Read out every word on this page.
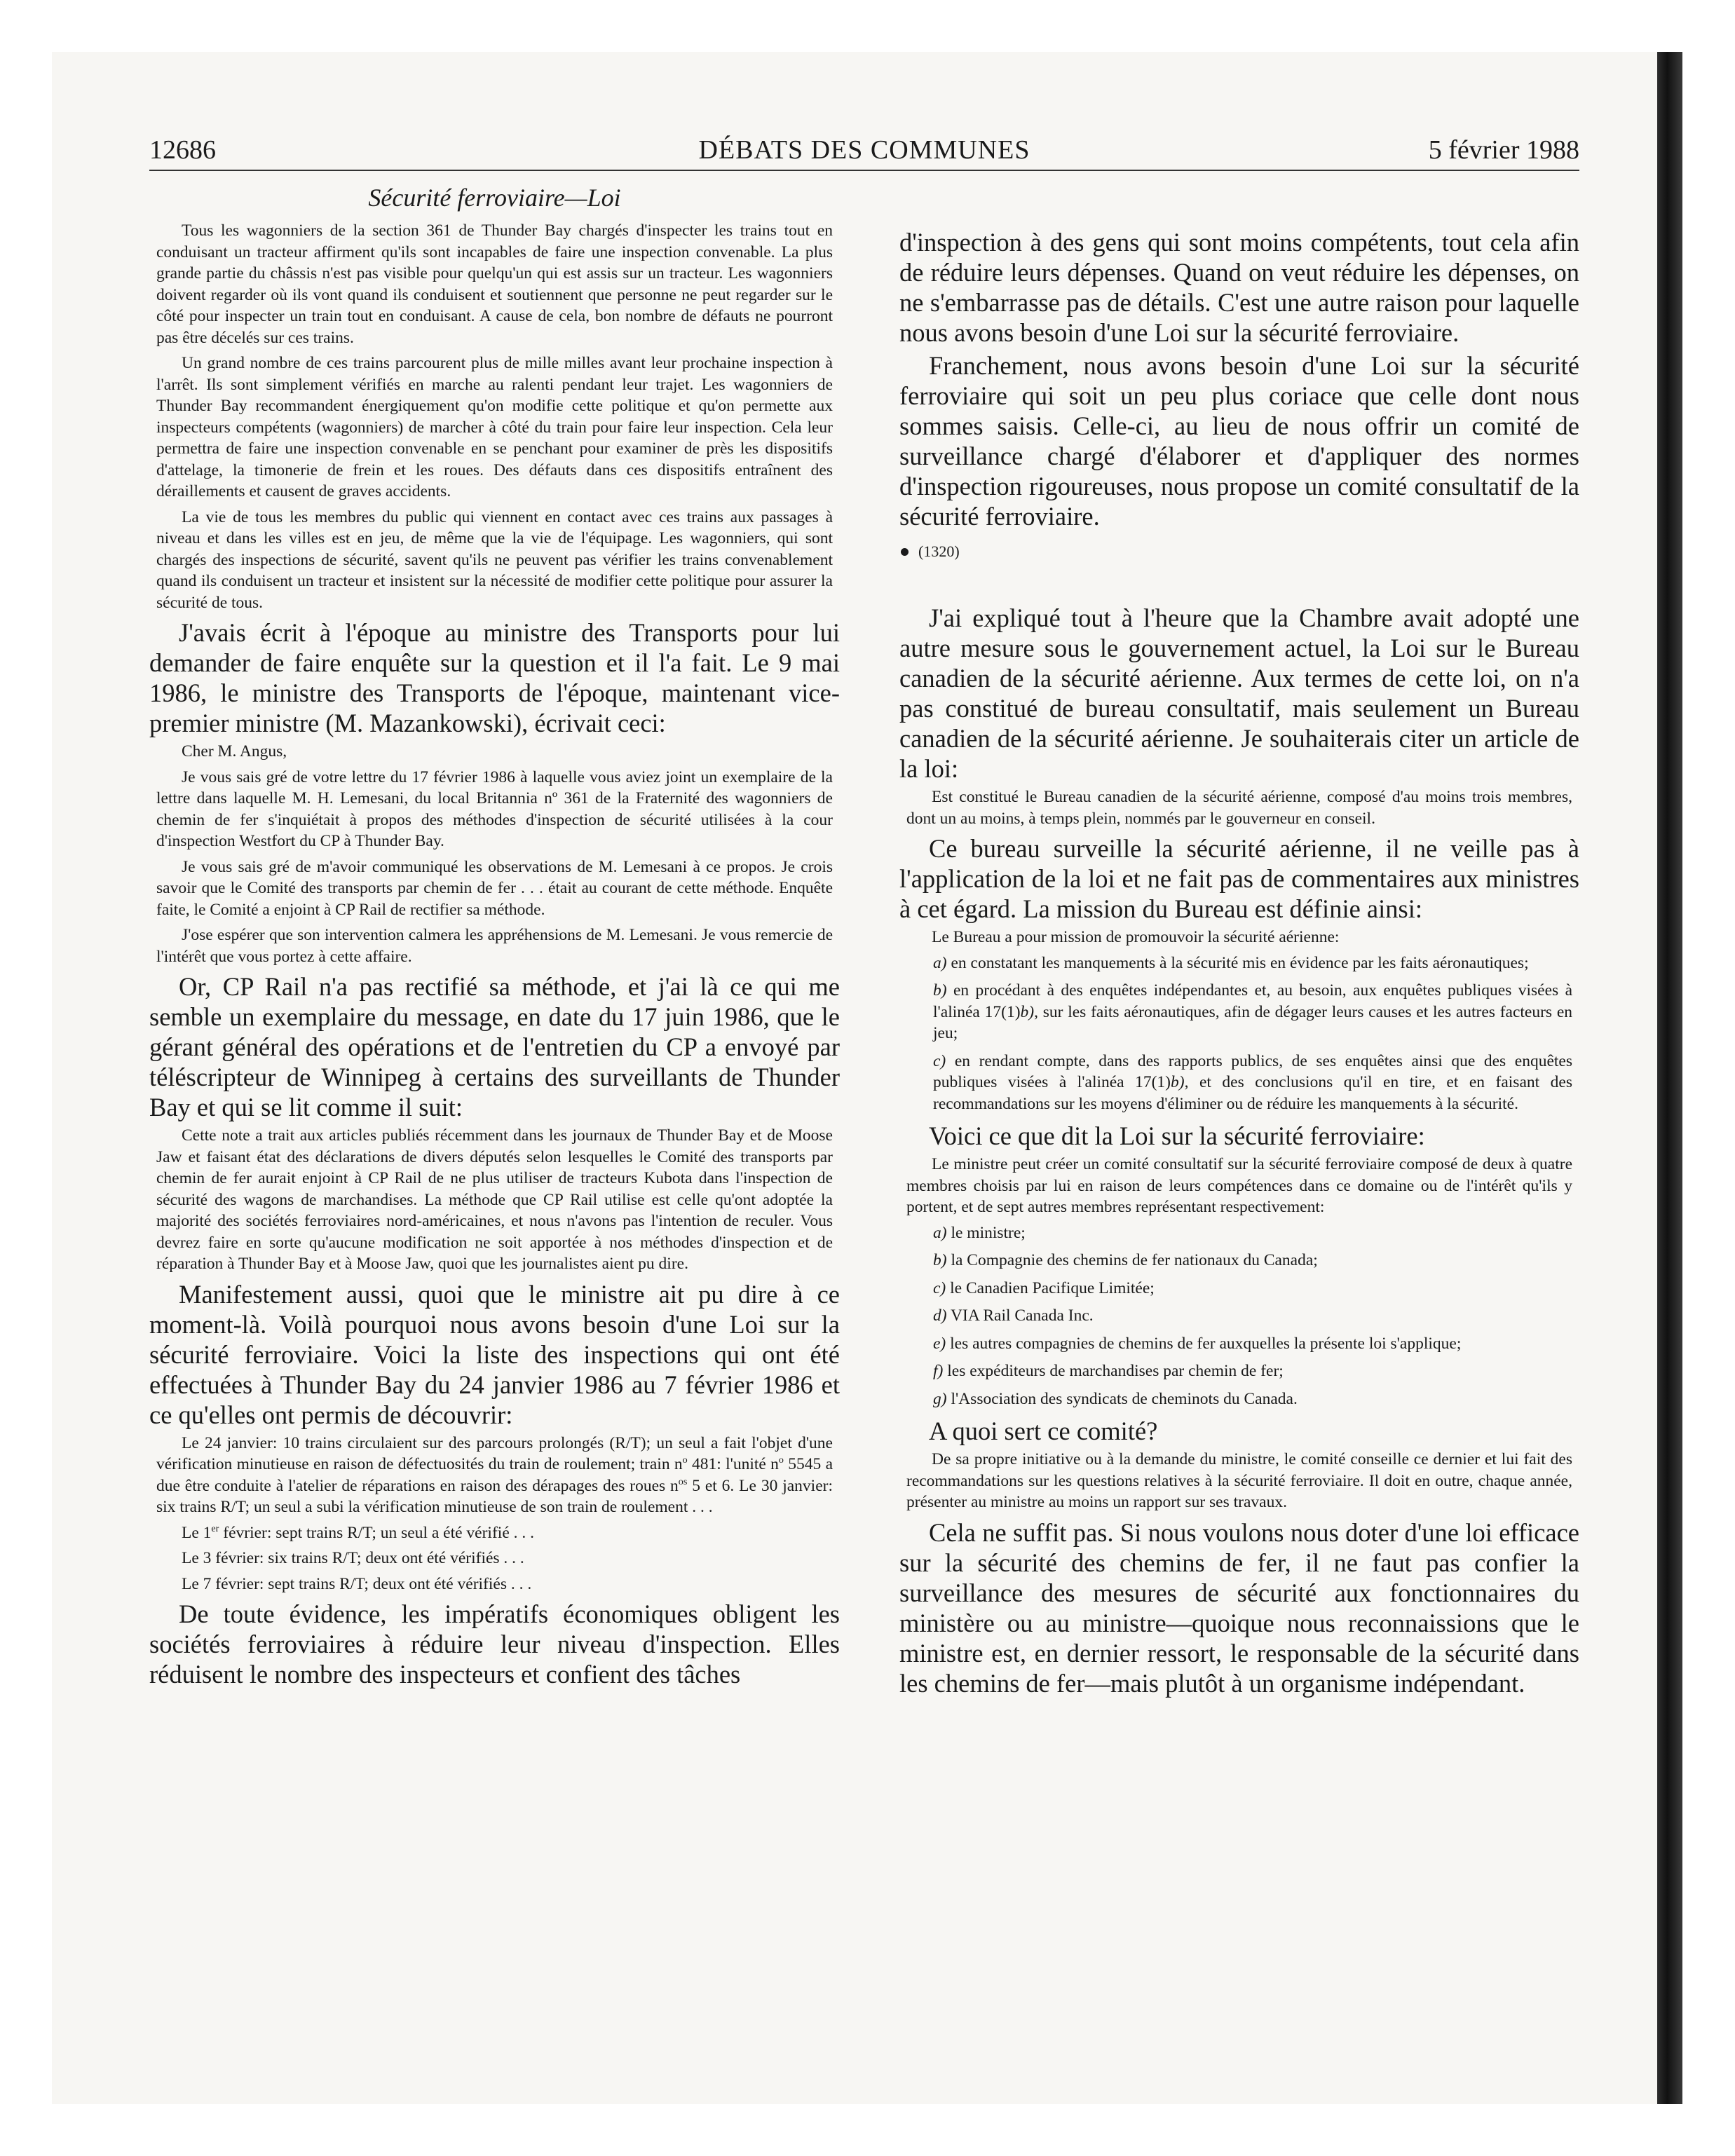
12686	DÉBATS DES COMMUNES	5 février 1988
Sécurité ferroviaire—Loi

Tous les wagonniers de la section 361 de Thunder Bay chargés d'inspecter les trains tout en conduisant un tracteur affirment qu'ils sont incapables de faire une inspection convenable. La plus grande partie du châssis n'est pas visible pour quelqu'un qui est assis sur un tracteur. Les wagonniers doivent regarder où ils vont quand ils conduisent et soutiennent que personne ne peut regarder sur le côté pour inspecter un train tout en conduisant. A cause de cela, bon nombre de défauts ne pourront pas être décelés sur ces trains.

Un grand nombre de ces trains parcourent plus de mille milles avant leur prochaine inspection à l'arrêt. Ils sont simplement vérifiés en marche au ralenti pendant leur trajet. Les wagonniers de Thunder Bay recommandent énergiquement qu'on modifie cette politique et qu'on permette aux inspecteurs compétents (wagonniers) de marcher à côté du train pour faire leur inspection. Cela leur permettra de faire une inspection convenable en se penchant pour examiner de près les dispositifs d'attelage, la timonerie de frein et les roues. Des défauts dans ces dispositifs entraînent des déraillements et causent de graves accidents.

La vie de tous les membres du public qui viennent en contact avec ces trains aux passages à niveau et dans les villes est en jeu, de même que la vie de l'équipage. Les wagonniers, qui sont chargés des inspections de sécurité, savent qu'ils ne peuvent pas vérifier les trains convenablement quand ils conduisent un tracteur et insistent sur la nécessité de modifier cette politique pour assurer la sécurité de tous.

J'avais écrit à l'époque au ministre des Transports pour lui demander de faire enquête sur la question et il l'a fait. Le 9 mai 1986, le ministre des Transports de l'époque, maintenant vice-premier ministre (M. Mazankowski), écrivait ceci:

Cher M. Angus,

Je vous sais gré de votre lettre du 17 février 1986 à laquelle vous aviez joint un exemplaire de la lettre dans laquelle M. H. Lemesani, du local Britannia nº 361 de la Fraternité des wagonniers de chemin de fer s'inquiétait à propos des méthodes d'inspection de sécurité utilisées à la cour d'inspection Westfort du CP à Thunder Bay.

Je vous sais gré de m'avoir communiqué les observations de M. Lemesani à ce propos. Je crois savoir que le Comité des transports par chemin de fer . . . était au courant de cette méthode. Enquête faite, le Comité a enjoint à CP Rail de rectifier sa méthode.

J'ose espérer que son intervention calmera les appréhensions de M. Lemesani. Je vous remercie de l'intérêt que vous portez à cette affaire.

Or, CP Rail n'a pas rectifié sa méthode, et j'ai là ce qui me semble un exemplaire du message, en date du 17 juin 1986, que le gérant général des opérations et de l'entretien du CP a envoyé par téléscripteur de Winnipeg à certains des surveillants de Thunder Bay et qui se lit comme il suit:

Cette note a trait aux articles publiés récemment dans les journaux de Thunder Bay et de Moose Jaw et faisant état des déclarations de divers députés selon lesquelles le Comité des transports par chemin de fer aurait enjoint à CP Rail de ne plus utiliser de tracteurs Kubota dans l'inspection de sécurité des wagons de marchandises. La méthode que CP Rail utilise est celle qu'ont adoptée la majorité des sociétés ferroviaires nord-américaines, et nous n'avons pas l'intention de reculer. Vous devrez faire en sorte qu'aucune modification ne soit apportée à nos méthodes d'inspection et de réparation à Thunder Bay et à Moose Jaw, quoi que les journalistes aient pu dire.

Manifestement aussi, quoi que le ministre ait pu dire à ce moment-là. Voilà pourquoi nous avons besoin d'une Loi sur la sécurité ferroviaire. Voici la liste des inspections qui ont été effectuées à Thunder Bay du 24 janvier 1986 au 7 février 1986 et ce qu'elles ont permis de découvrir:

Le 24 janvier: 10 trains circulaient sur des parcours prolongés (R/T); un seul a fait l'objet d'une vérification minutieuse en raison de défectuosités du train de roulement; train $n^o$ 481: l'unité $n^o$ 5545 a due être conduite à l'atelier de réparations en raison des dérapages des roues $n^{os}$ 5 et 6. Le 30 janvier: six trains R/T; un seul a subi la vérification minutieuse de son train de roulement . . .

Le 1er février: sept trains R/T; un seul a été vérifié . . .

Le 3 février: six trains R/T; deux ont été vérifiés . . .

Le 7 février: sept trains R/T; deux ont été vérifiés . . .

De toute évidence, les impératifs économiques obligent les sociétés ferroviaires à réduire leur niveau d'inspection. Elles réduisent le nombre des inspecteurs et confient des tâches

d'inspection à des gens qui sont moins compétents, tout cela afin de réduire leurs dépenses. Quand on veut réduire les dépenses, on ne s'embarrasse pas de détails. C'est une autre raison pour laquelle nous avons besoin d'une Loi sur la sécurité ferroviaire.

Franchement, nous avons besoin d'une Loi sur la sécurité ferroviaire qui soit un peu plus coriace que celle dont nous sommes saisis. Celle-ci, au lieu de nous offrir un comité de surveillance chargé d'élaborer et d'appliquer des normes d'inspection rigoureuses, nous propose un comité consultatif de la sécurité ferroviaire.

(1320)

J'ai expliqué tout à l'heure que la Chambre avait adopté une autre mesure sous le gouvernement actuel, la Loi sur le Bureau canadien de la sécurité aérienne. Aux termes de cette loi, on n'a pas constitué de bureau consultatif, mais seulement un Bureau canadien de la sécurité aérienne. Je souhaiterais citer un article de la loi:

Est constitué le Bureau canadien de la sécurité aérienne, composé d'au moins trois membres, dont un au moins, à temps plein, nommés par le gouverneur en conseil.

Ce bureau surveille la sécurité aérienne, il ne veille pas à l'application de la loi et ne fait pas de commentaires aux ministres à cet égard. La mission du Bureau est définie ainsi:

Le Bureau a pour mission de promouvoir la sécurité aérienne:

a) en constatant les manquements à la sécurité mis en évidence par les faits aéronautiques;

b) en procédant à des enquêtes indépendantes et, au besoin, aux enquêtes publiques visées à l'alinéa 17(1)b), sur les faits aéronautiques, afin de dégager leurs causes et les autres facteurs en jeu;

c) en rendant compte, dans des rapports publics, de ses enquêtes ainsi que des enquêtes publiques visées à l'alinéa 17(1)b), et des conclusions qu'il en tire, et en faisant des recommandations sur les moyens d'éliminer ou de réduire les manquements à la sécurité.

Voici ce que dit la Loi sur la sécurité ferroviaire:

Le ministre peut créer un comité consultatif sur la sécurité ferroviaire composé de deux à quatre membres choisis par lui en raison de leurs compétences dans ce domaine ou de l'intérêt qu'ils y portent, et de sept autres membres représentant respectivement:

a) le ministre;

b) la Compagnie des chemins de fer nationaux du Canada;

c) le Canadien Pacifique Limitée;

d) VIA Rail Canada Inc.

e) les autres compagnies de chemins de fer auxquelles la présente loi s'applique;

f) les expéditeurs de marchandises par chemin de fer;

g) l'Association des syndicats de cheminots du Canada.

A quoi sert ce comité?

De sa propre initiative ou à la demande du ministre, le comité conseille ce dernier et lui fait des recommandations sur les questions relatives à la sécurité ferroviaire. Il doit en outre, chaque année, présenter au ministre au moins un rapport sur ses travaux.

Cela ne suffit pas. Si nous voulons nous doter d'une loi efficace sur la sécurité des chemins de fer, il ne faut pas confier la surveillance des mesures de sécurité aux fonctionnaires du ministère ou au ministre—quoique nous reconnaissions que le ministre est, en dernier ressort, le responsable de la sécurité dans les chemins de fer—mais plutôt à un organisme indépendant.
